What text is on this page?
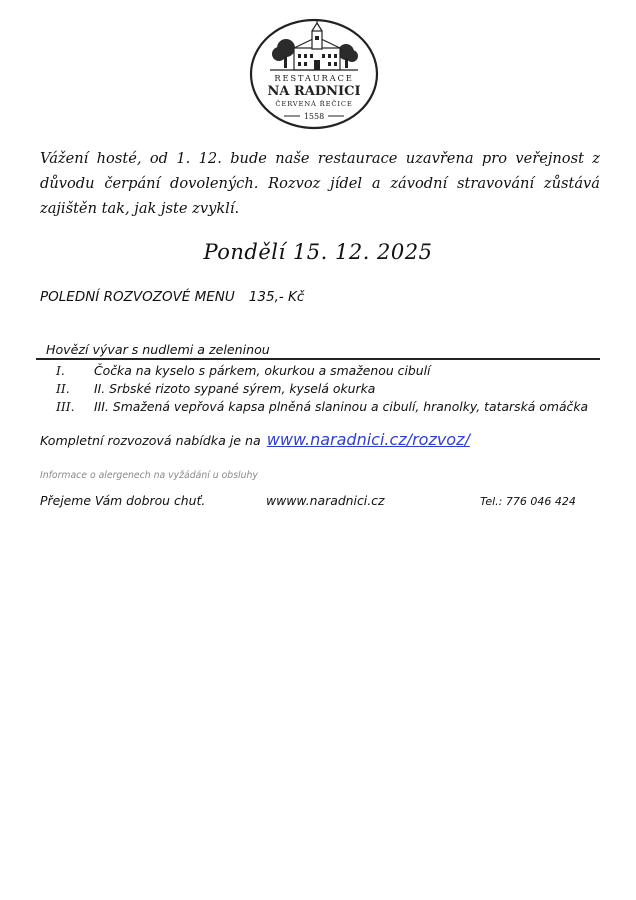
RESTAURACE
NA RADNICI
ČERVENÁ ŘEČICE
1558
Vážení hosté, od 1. 12. bude naše restaurace uzavřena pro veřejnost z důvodu čerpání dovolených. Rozvoz jídel a závodní stravování zůstává zajištěn tak, jak jste zvyklí.
Pondělí 15. 12. 2025
POLEDNÍ ROZVOZOVÉ MENU 135,- Kč
Hovězí vývar s nudlemi a zeleninou
I.	Čočka na kyselo s párkem, okurkou a smaženou cibulí
II.	II. Srbské rizoto sypané sýrem, kyselá okurka
III.	III. Smažená vepřová kapsa plněná slaninou a cibulí, hranolky, tatarská omáčka
Kompletní rozvozová nabídka je na www.naradnici.cz/rozvoz/
Informace o alergenech na vyžádání u obsluhy
Přejeme Vám dobrou chuť.	wwww.naradnici.cz	Tel.: 776 046 424
